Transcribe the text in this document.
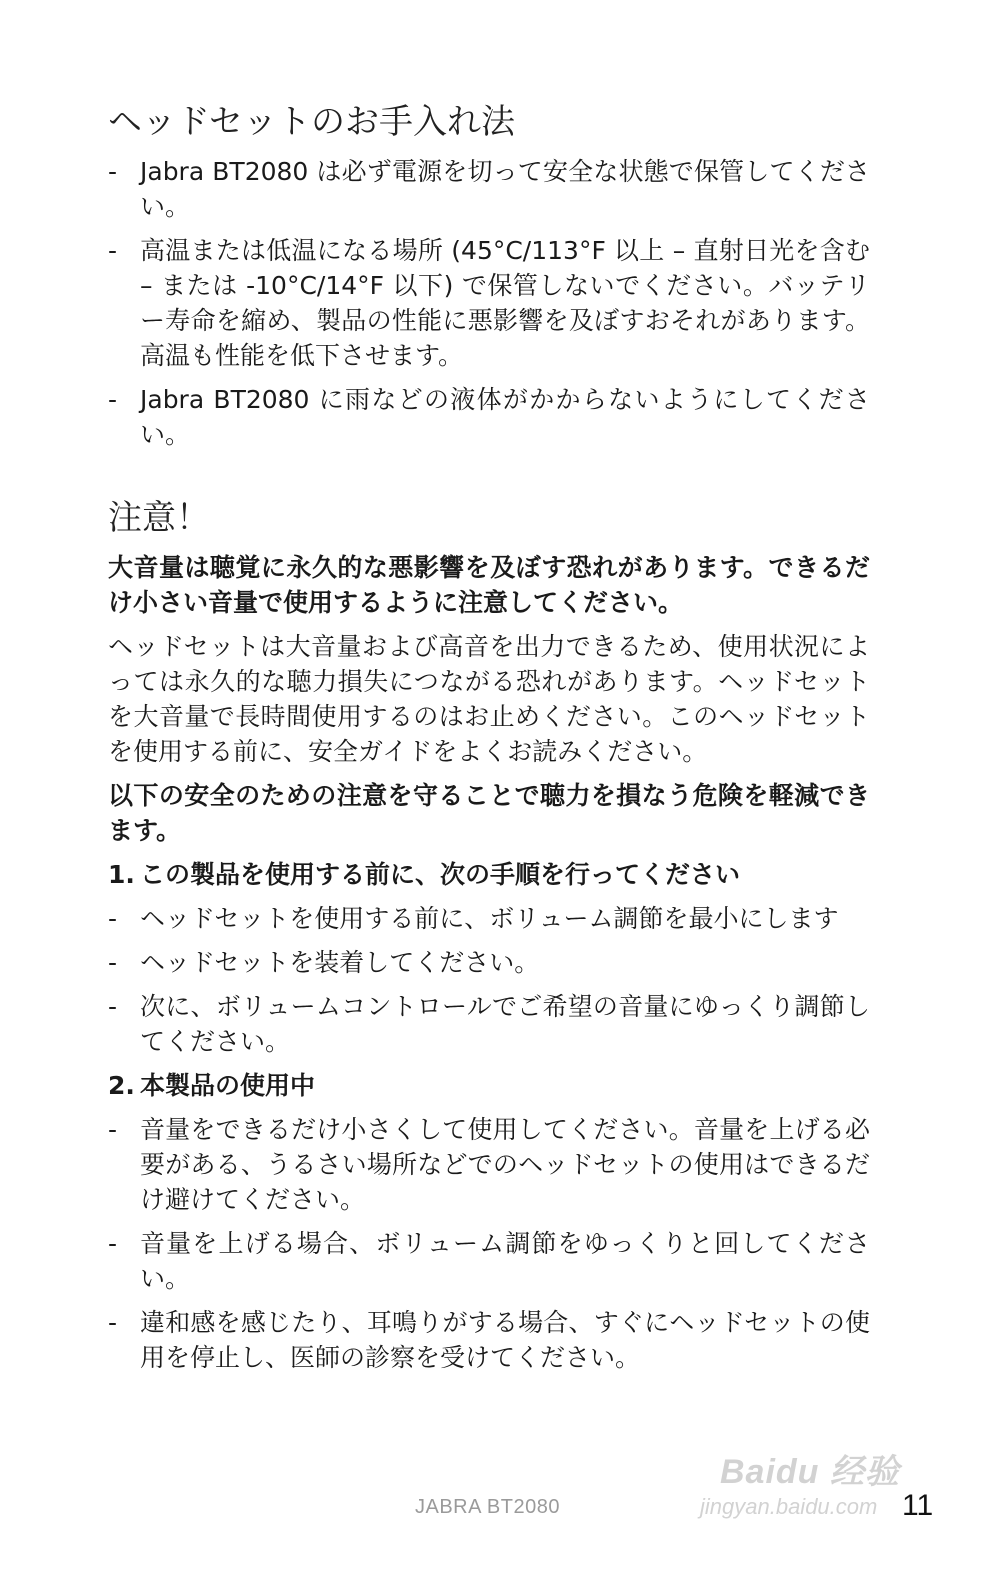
ヘッドセットのお手入れ法
- Jabra BT2080 は必ず電源を切って安全な状態で保管してください。
- 高温または低温になる場所 (45°C/113°F 以上 – 直射日光を含む – または -10°C/14°F 以下) で保管しないでください。バッテリー寿命を縮め、製品の性能に悪影響を及ぼすおそれがあります。高温も性能を低下させます。
- Jabra BT2080 に雨などの液体がかからないようにしてください。
注意！

大音量は聴覚に永久的な悪影響を及ぼす恐れがあります。できるだけ小さい音量で使用するように注意してください。

ヘッドセットは大音量および高音を出力できるため、使用状況によっては永久的な聴力損失につながる恐れがあります。ヘッドセットを大音量で長時間使用するのはお止めください。このヘッドセットを使用する前に、安全ガイドをよくお読みください。

以下の安全のための注意を守ることで聴力を損なう危険を軽減できます。

1. この製品を使用する前に、次の手順を行ってください
- ヘッドセットを使用する前に、ボリューム調節を最小にします
- ヘッドセットを装着してください。
- 次に、ボリュームコントロールでご希望の音量にゆっくり調節してください。
2. 本製品の使用中
- 音量をできるだけ小さくして使用してください。音量を上げる必要がある、うるさい場所などでのヘッドセットの使用はできるだけ避けてください。
- 音量を上げる場合、ボリューム調節をゆっくりと回してください。
- 違和感を感じたり、耳鳴りがする場合、すぐにヘッドセットの使用を停止し、医師の診察を受けてください。
Baidu 经验
jingyan.baidu.com
JABRA BT2080	11
